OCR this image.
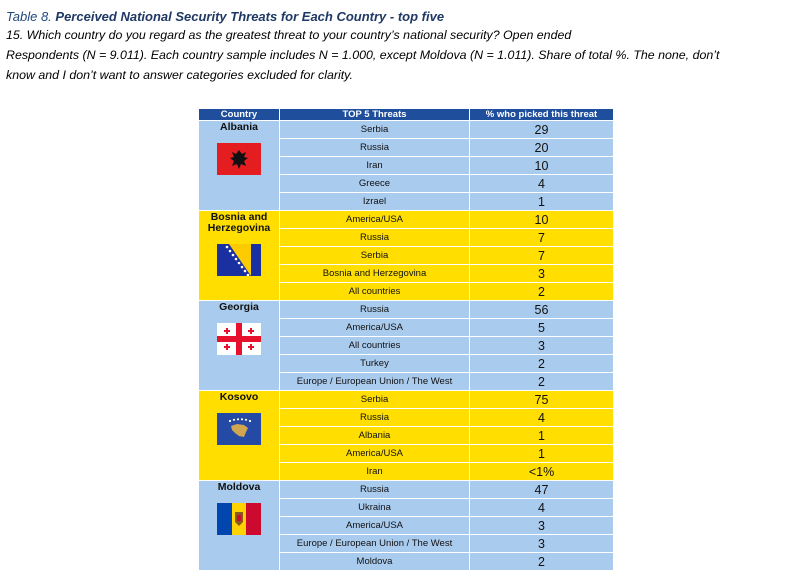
Table 8. Perceived National Security Threats for Each Country - top five
15. Which country do you regard as the greatest threat to your country’s national security? Open ended
Respondents (N = 9.011). Each country sample includes N = 1.000, except Moldova (N = 1.011). Share of total %. The none, don’t
know and I don’t want to answer categories excluded for clarity.
Country	TOP 5 Threats	% who picked this threat

Albania	Serbia	29
	Russia	20
	Iran	10
	Greece	4
	Izrael	1

Bosnia and Herzegovina	America/USA	10
	Russia	7
	Serbia	7
	Bosnia and Herzegovina	3
	All countries	2

Georgia	Russia	56
	America/USA	5
	All countries	3
	Turkey	2
	Europe / European Union / The West	2

Kosovo	Serbia	75
	Russia	4
	Albania	1
	America/USA	1
	Iran	<1%

Moldova	Russia	47
	Ukraina	4
	America/USA	3
	Europe / European Union / The West	3
	Moldova	2
